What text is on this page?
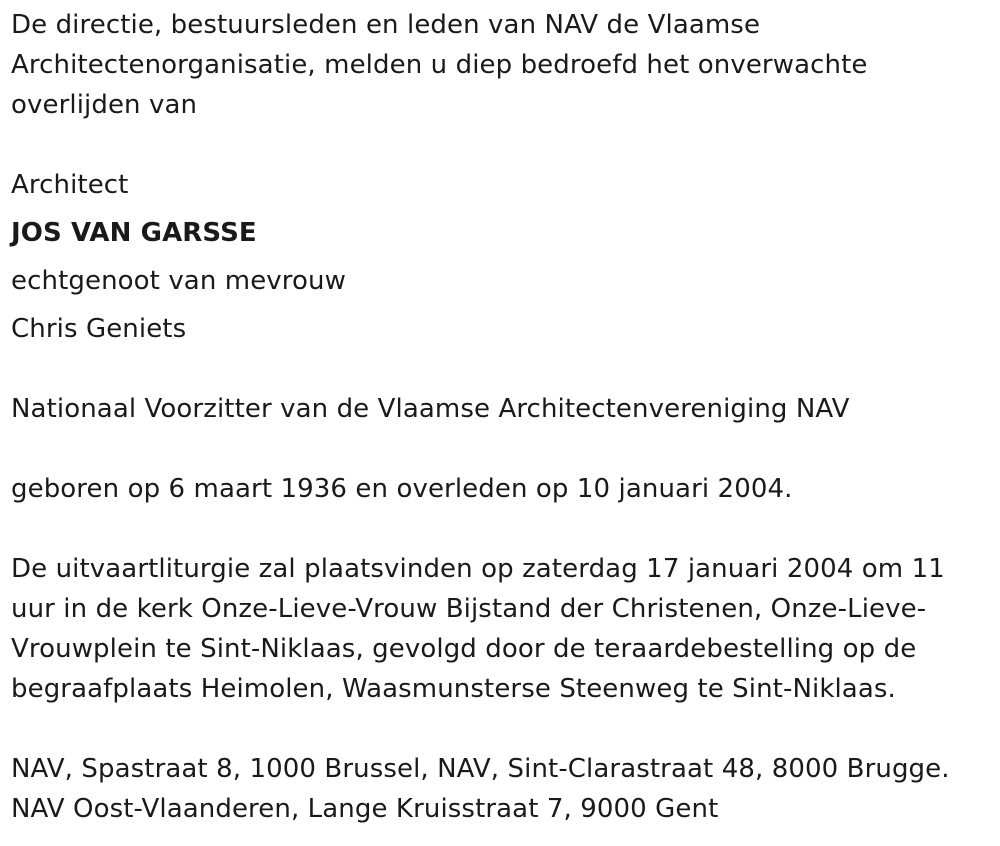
De directie, bestuursleden en leden van NAV de Vlaamse
Architectenorganisatie, melden u diep bedroefd het onverwachte
overlijden van
Architect
JOS VAN GARSSE
echtgenoot van mevrouw
Chris Geniets
Nationaal Voorzitter van de Vlaamse Architectenvereniging NAV
geboren op 6 maart 1936 en overleden op 10 januari 2004.
De uitvaartliturgie zal plaatsvinden op zaterdag 17 januari 2004 om 11
uur in de kerk Onze-Lieve-Vrouw Bijstand der Christenen, Onze-Lieve-
Vrouwplein te Sint-Niklaas, gevolgd door de teraardebestelling op de
begraafplaats Heimolen, Waasmunsterse Steenweg te Sint-Niklaas.
NAV, Spastraat 8, 1000 Brussel, NAV, Sint-Clarastraat 48, 8000 Brugge.
NAV Oost-Vlaanderen, Lange Kruisstraat 7, 9000 Gent
